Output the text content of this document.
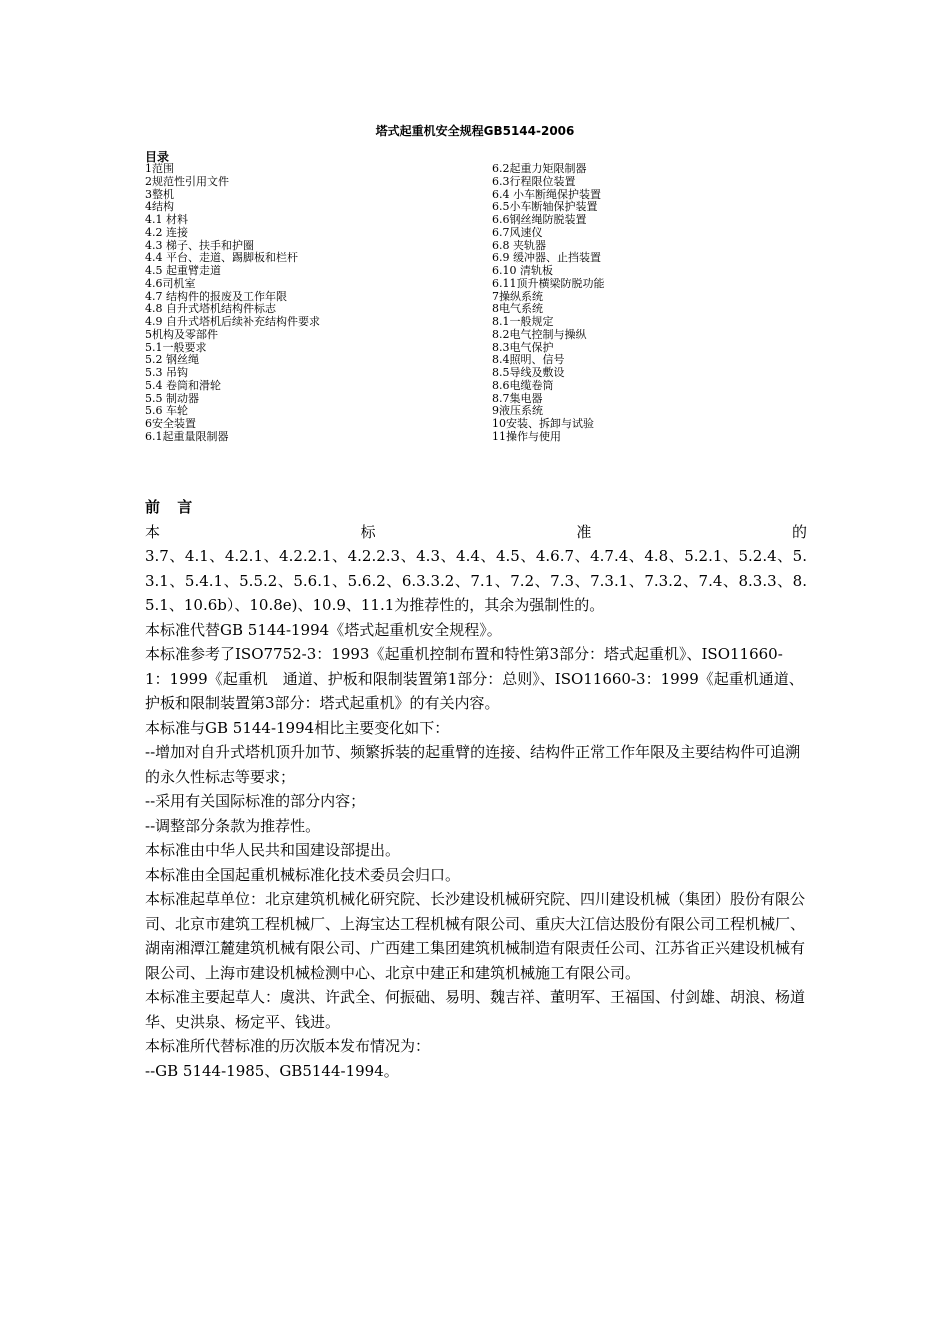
塔式起重机安全规程GB5144-2006
目录
1范围
2规范性引用文件
3整机
4结构
4.1 材料
4.2 连接
4.3 梯子、扶手和护圈
4.4 平台、走道、踢脚板和栏杆
4.5 起重臂走道
4.6司机室
4.7 结构件的报废及工作年限
4.8 自升式塔机结构件标志
4.9 自升式塔机后续补充结构件要求
5机构及零部件
5.1一般要求
5.2 钢丝绳
5.3 吊钩
5.4 卷筒和滑轮
5.5 制动器
5.6 车轮
6安全装置
6.1起重量限制器
6.2起重力矩限制器
6.3行程限位装置
6.4 小车断绳保护装置
6.5小车断轴保护装置
6.6钢丝绳防脱装置
6.7风速仪
6.8 夹轨器
6.9 缓冲器、止挡装置
6.10 清轨板
6.11顶升横梁防脱功能
7操纵系统
8电气系统
8.1一般规定
8.2电气控制与操纵
8.3电气保护
8.4照明、信号
8.5导线及敷设
8.6电缆卷筒
8.7集电器
9液压系统
10安装、拆卸与试验
11操作与使用
前 言
本	标	准	的

3.7、4.1、4.2.1、4.2.2.1、4.2.2.3、4.3、4.4、4.5、4.6.7、4.7.4、4.8、5.2.1、5.2.4、5.3.1、5.4.1、5.5.2、5.6.1、5.6.2、6.3.3.2、7.1、7.2、7.3、7.3.1、7.3.2、7.4、8.3.3、8.5.1、10.6b）、10.8e)、10.9、11.1为推荐性的，其余为强制性的。

本标准代替GB 5144-1994《塔式起重机安全规程》。

本标准参考了ISO7752-3：1993《起重机控制布置和特性第3部分：塔式起重机》、ISO11660-1：1999《起重机　通道、护板和限制装置第1部分：总则》、ISO11660-3：1999《起重机通道、护板和限制装置第3部分：塔式起重机》的有关内容。

本标准与GB 5144-1994相比主要变化如下：

--增加对自升式塔机顶升加节、频繁拆装的起重臂的连接、结构件正常工作年限及主要结构件可追溯的永久性标志等要求；

--采用有关国际标准的部分内容；

--调整部分条款为推荐性。

本标准由中华人民共和国建设部提出。

本标准由全国起重机械标准化技术委员会归口。

本标准起草单位：北京建筑机械化研究院、长沙建设机械研究院、四川建设机械（集团）股份有限公司、北京市建筑工程机械厂、上海宝达工程机械有限公司、重庆大江信达股份有限公司工程机械厂、湖南湘潭江麓建筑机械有限公司、广西建工集团建筑机械制造有限责任公司、江苏省正兴建设机械有限公司、上海市建设机械检测中心、北京中建正和建筑机械施工有限公司。

本标准主要起草人：虞洪、许武全、何振础、易明、魏吉祥、董明军、王福国、付剑雄、胡浪、杨道华、史洪泉、杨定平、钱进。

本标准所代替标准的历次版本发布情况为：

--GB 5144-1985、GB5144-1994。
